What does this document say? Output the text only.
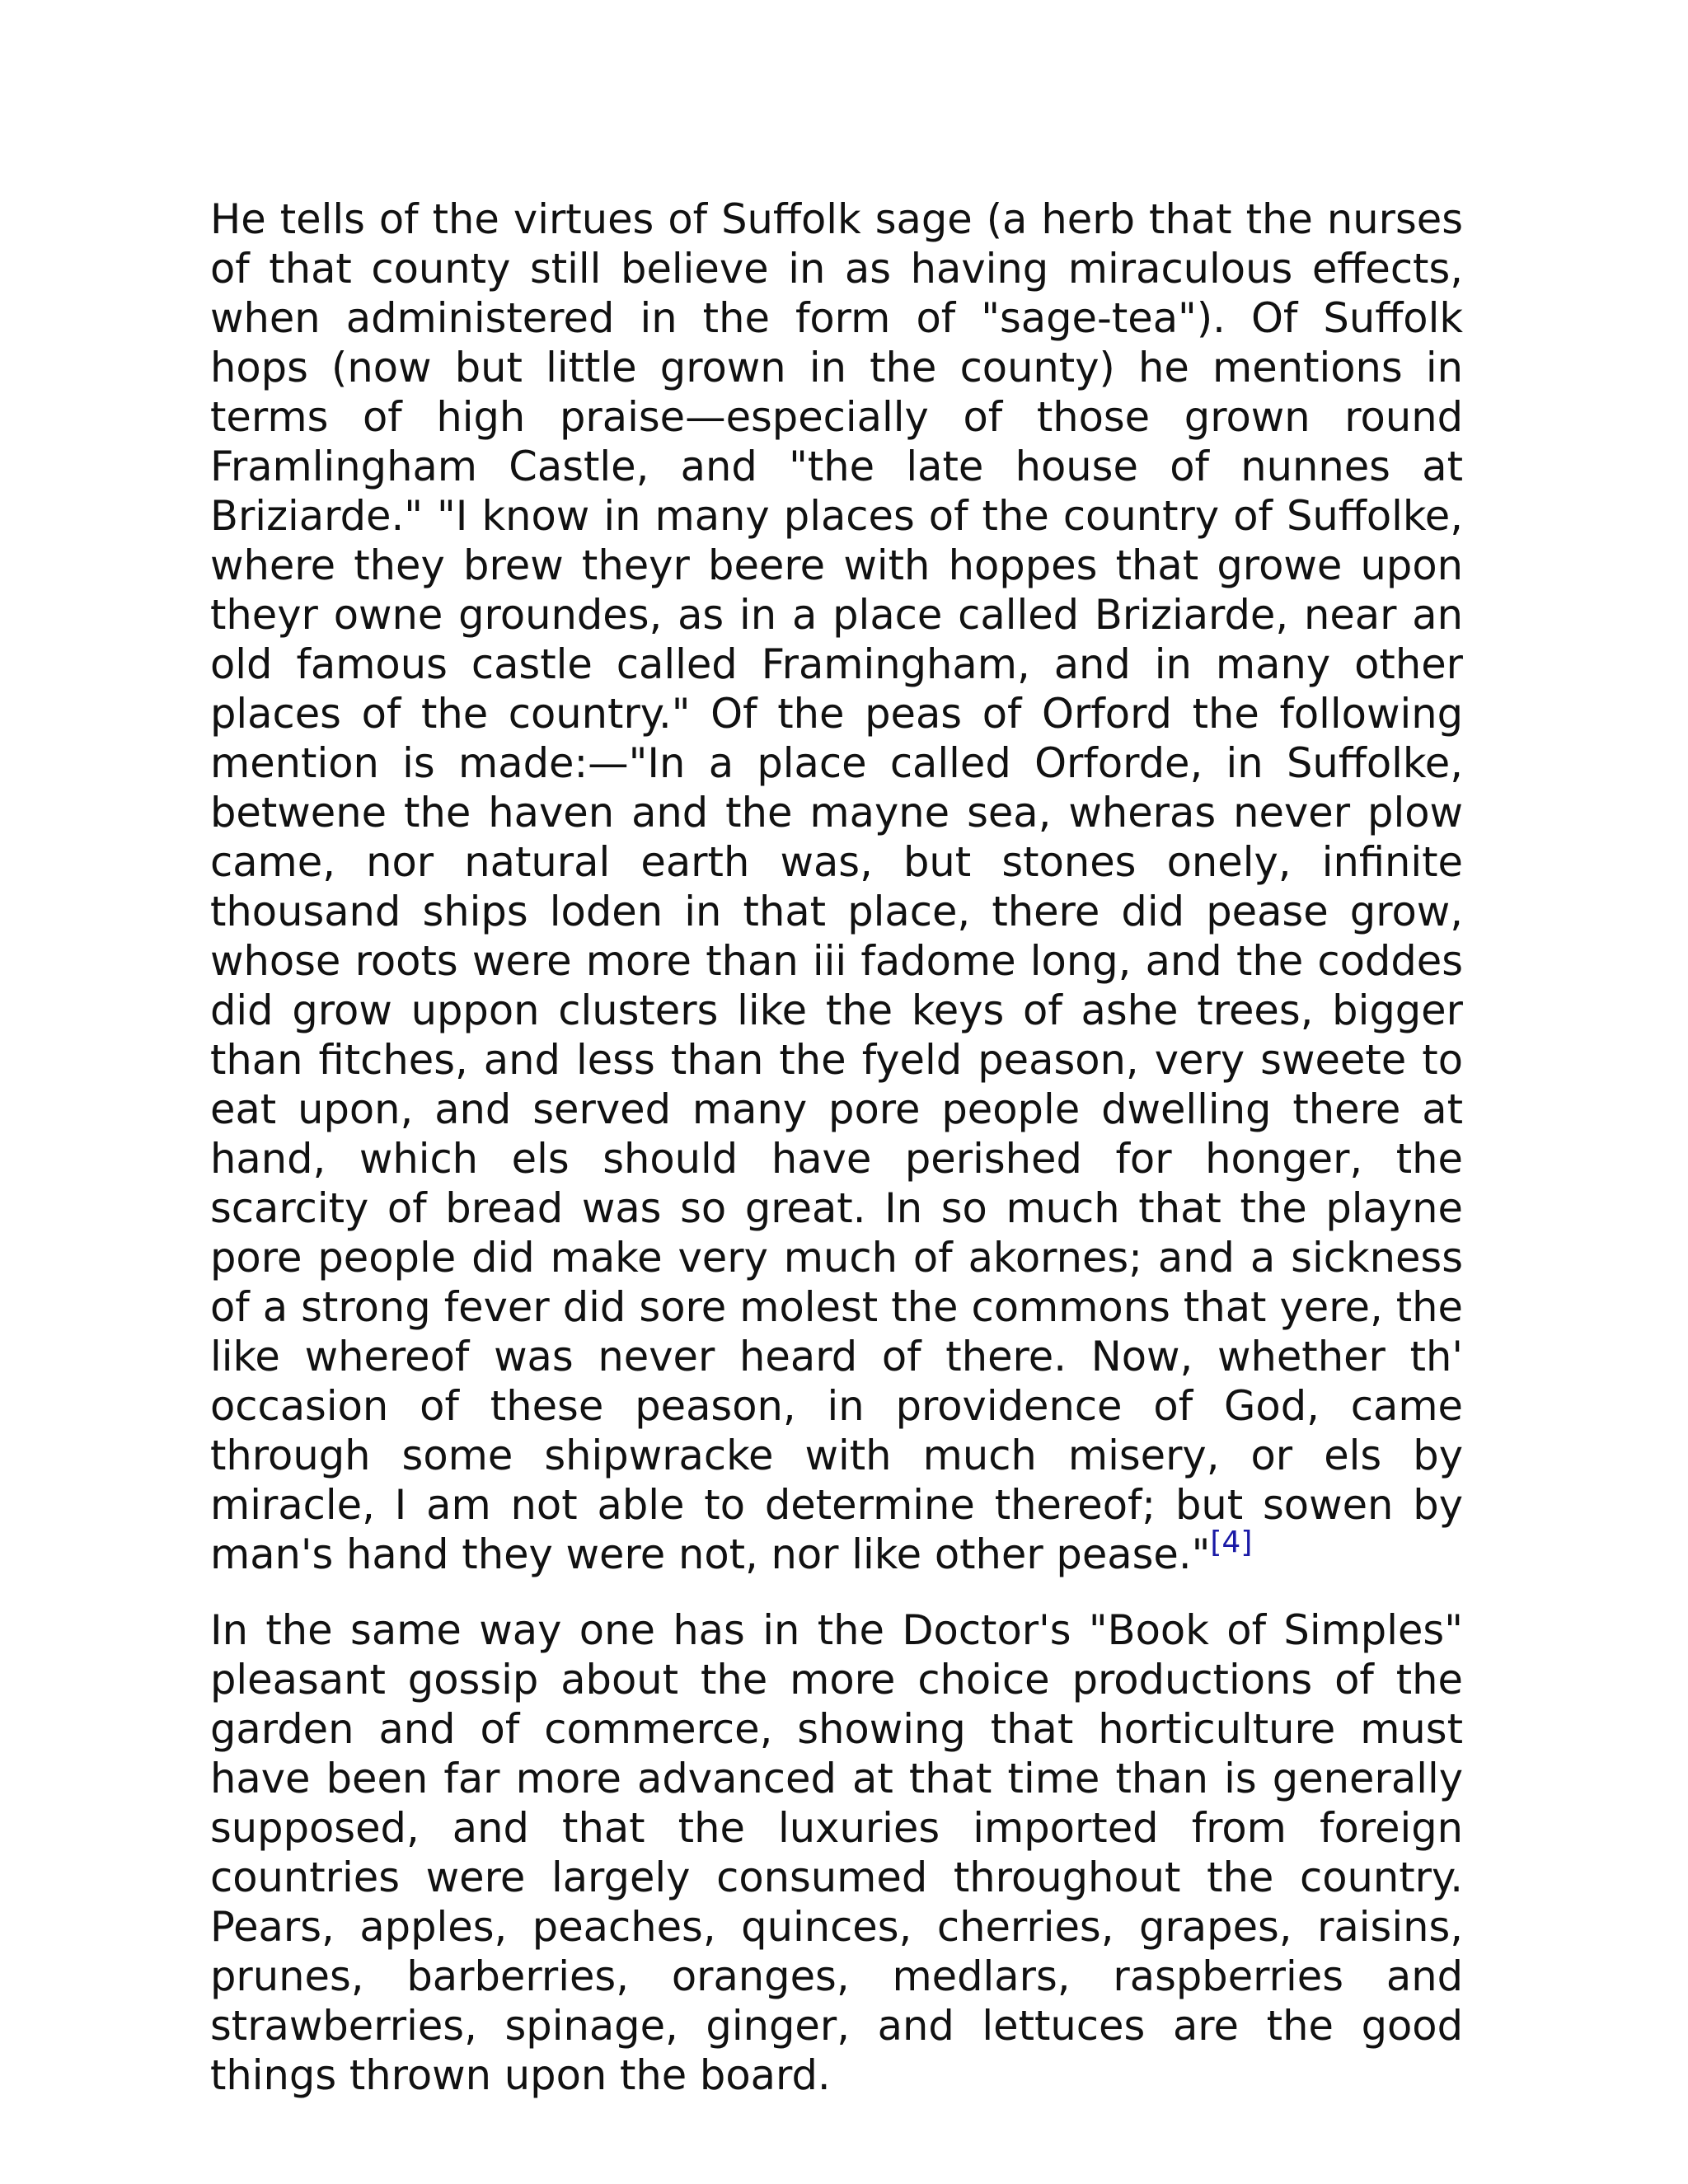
He tells of the virtues of Suffolk sage (a herb that the nurses of that county still believe in as having miraculous effects, when administered in the form of "sage-tea"). Of Suffolk hops (now but little grown in the county) he mentions in terms of high praise—especially of those grown round Framlingham Castle, and "the late house of nunnes at Briziarde." "I know in many places of the country of Suffolke, where they brew theyr beere with hoppes that growe upon theyr owne groundes, as in a place called Briziarde, near an old famous castle called Framingham, and in many other places of the country." Of the peas of Orford the following mention is made:—"In a place called Orforde, in Suffolke, betwene the haven and the mayne sea, wheras never plow came, nor natural earth was, but stones onely, infinite thousand ships loden in that place, there did pease grow, whose roots were more than iii fadome long, and the coddes did grow uppon clusters like the keys of ashe trees, bigger than fitches, and less than the fyeld peason, very sweete to eat upon, and served many pore people dwelling there at hand, which els should have perished for honger, the scarcity of bread was so great. In so much that the playne pore people did make very much of akornes; and a sickness of a strong fever did sore molest the commons that yere, the like whereof was never heard of there. Now, whether th' occasion of these peason, in providence of God, came through some shipwracke with much misery, or els by miracle, I am not able to determine thereof; but sowen by man's hand they were not, nor like other pease."[4]

In the same way one has in the Doctor's "Book of Simples" pleasant gossip about the more choice productions of the garden and of commerce, showing that horticulture must have been far more advanced at that time than is generally supposed, and that the luxuries imported from foreign countries were largely consumed throughout the country. Pears, apples, peaches, quinces, cherries, grapes, raisins, prunes, barberries, oranges, medlars, raspberries and strawberries, spinage, ginger, and lettuces are the good things thrown upon the board.
